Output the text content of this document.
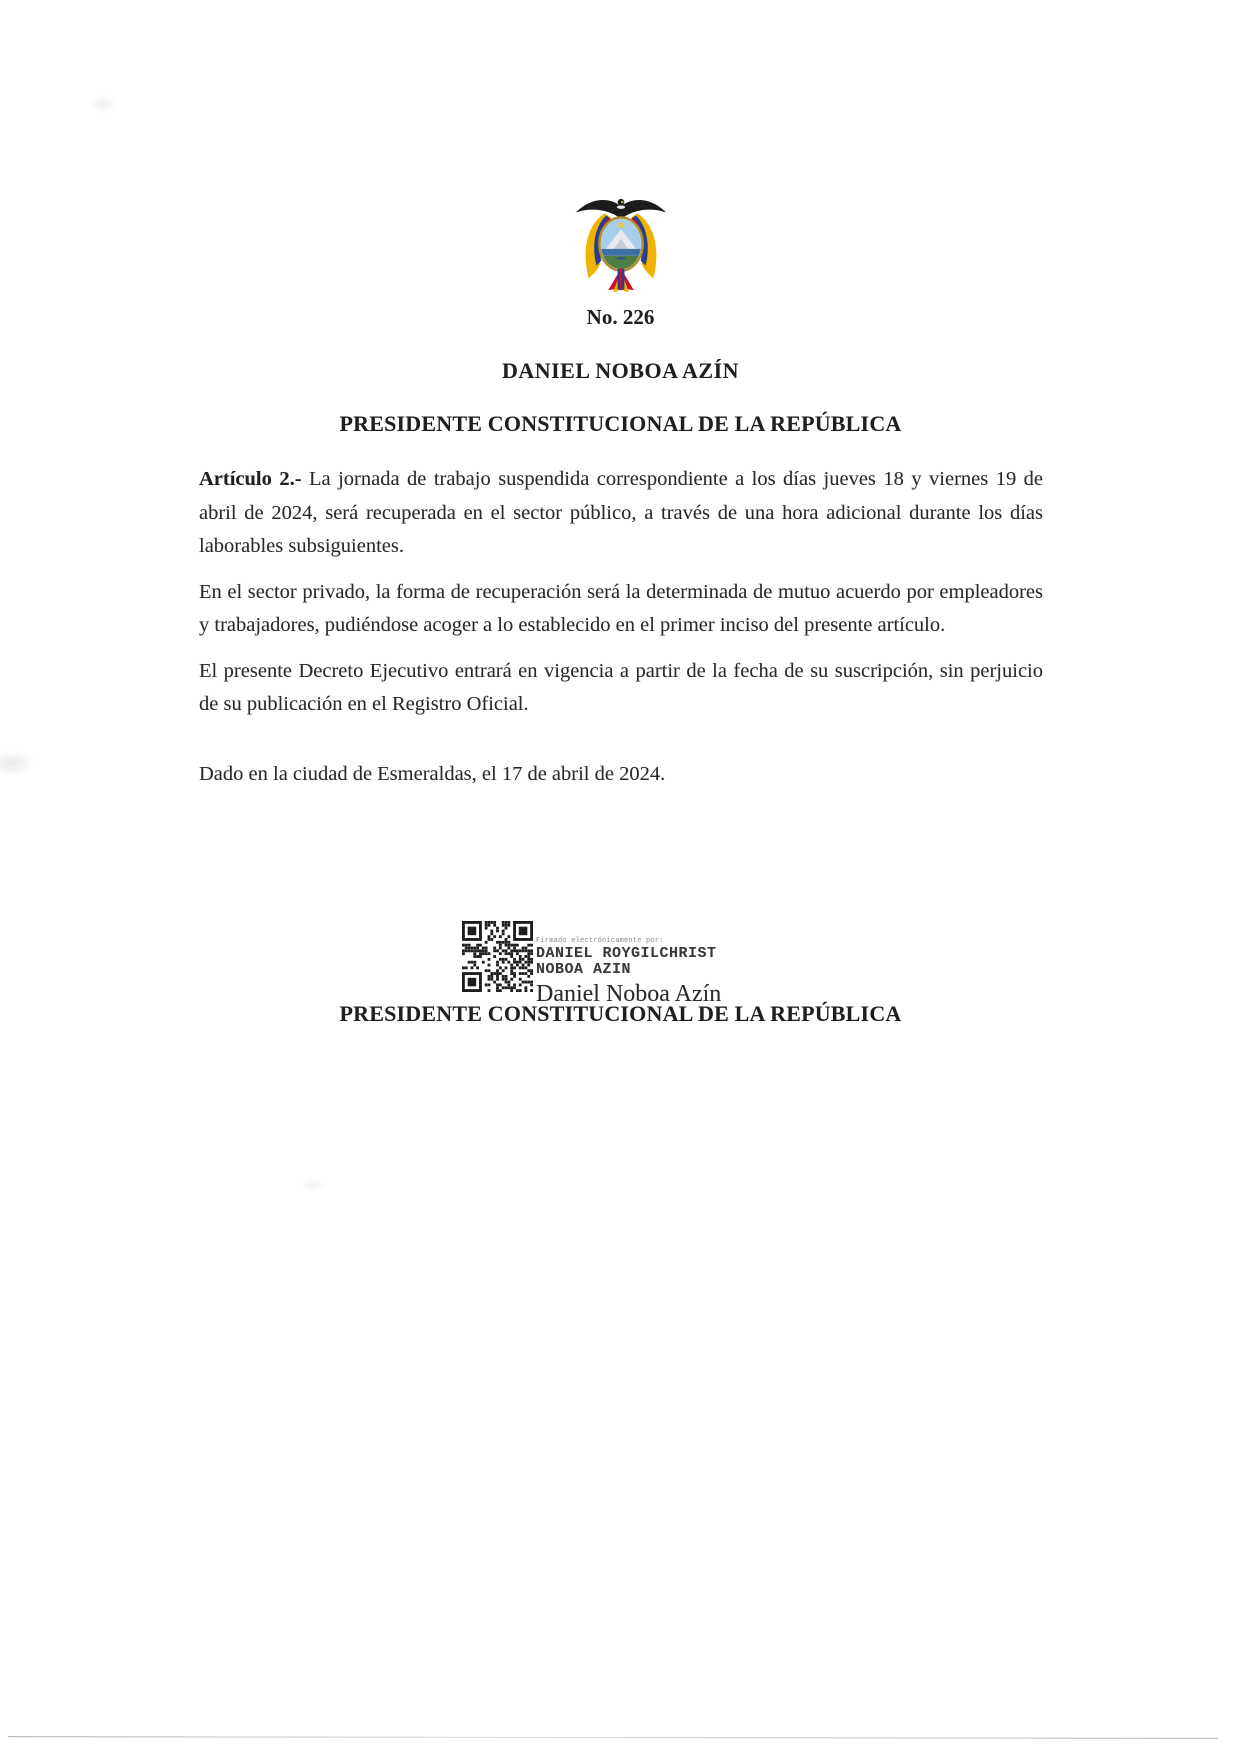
No. 226
DANIEL NOBOA AZÍN
PRESIDENTE CONSTITUCIONAL DE LA REPÚBLICA

Artículo 2.- La jornada de trabajo suspendida correspondiente a los días jueves 18 y viernes 19 de abril de 2024, será recuperada en el sector público, a través de una hora adicional durante los días laborables subsiguientes.

En el sector privado, la forma de recuperación será la determinada de mutuo acuerdo por empleadores y trabajadores, pudiéndose acoger a lo establecido en el primer inciso del presente artículo.

El presente Decreto Ejecutivo entrará en vigencia a partir de la fecha de su suscripción, sin perjuicio de su publicación en el Registro Oficial.

Dado en la ciudad de Esmeraldas, el 17 de abril de 2024.

Firmado electrónicamente por:
DANIEL ROYGILCHRIST
NOBOA AZIN
Daniel Noboa Azín
PRESIDENTE CONSTITUCIONAL DE LA REPÚBLICA
